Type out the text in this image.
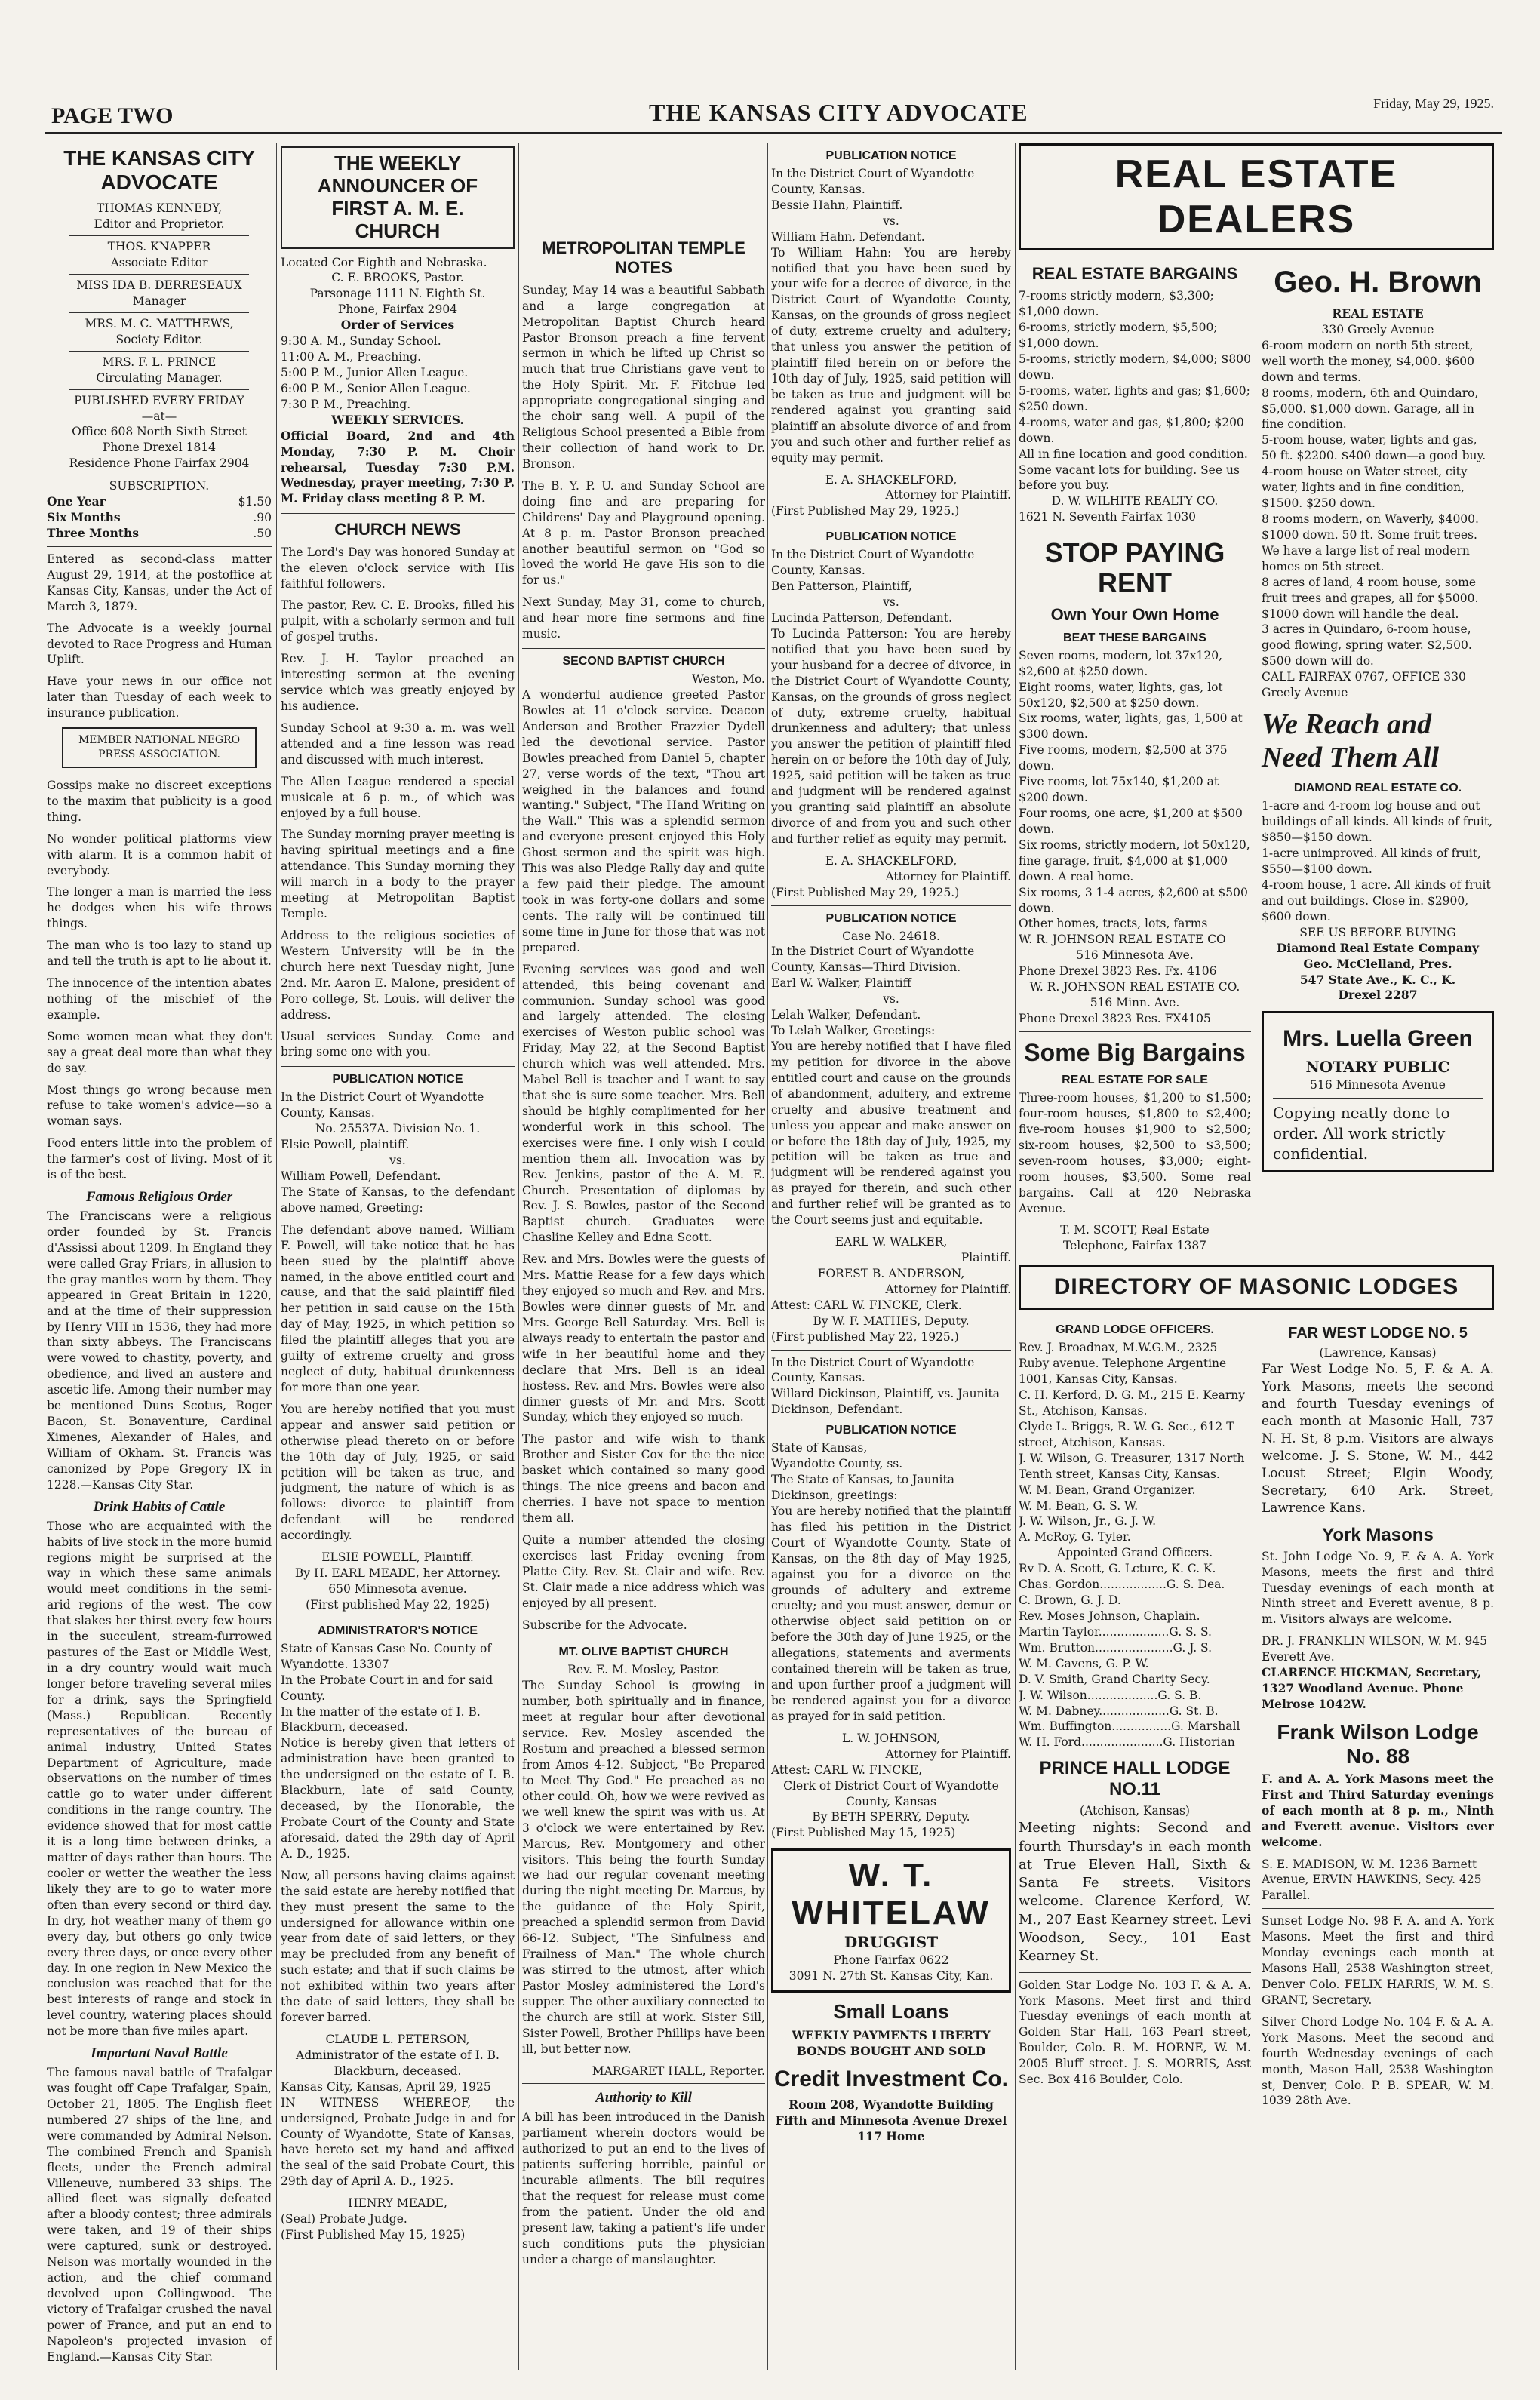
PAGE TWO	THE KANSAS CITY ADVOCATE	Friday, May 29, 1925.
THE KANSAS CITY ADVOCATE
THOMAS KENNEDY,
Editor and Proprietor.
THOS. KNAPPER
Associate Editor
MISS IDA B. DERRESEAUX
Manager
MRS. M. C. MATTHEWS,
Society Editor.
MRS. F. L. PRINCE
Circulating Manager.
PUBLISHED EVERY FRIDAY
—at—
Office 608 North Sixth Street
Phone Drexel 1814
Residence Phone Fairfax 2904
SUBSCRIPTION.
One Year	$1.50
Six Months	.90
Three Months	.50

Entered as second-class matter August 29, 1914, at the postoffice at Kansas City, Kansas, under the Act of March 3, 1879.

The Advocate is a weekly journal devoted to Race Progress and Human Uplift.

Have your news in our office not later than Tuesday of each week to insurance publication.

MEMBER NATIONAL NEGRO PRESS ASSOCIATION.

Gossips make no discreet exceptions to the maxim that publicity is a good thing.

No wonder political platforms view with alarm. It is a common habit of everybody.

The longer a man is married the less he dodges when his wife throws things.

The man who is too lazy to stand up and tell the truth is apt to lie about it.

The innocence of the intention abates nothing of the mischief of the example.

Some women mean what they don't say a great deal more than what they do say.

Most things go wrong because men refuse to take women's advice—so a woman says.

Food enters little into the problem of the farmer's cost of living. Most of it is of the best.

Famous Religious Order

The Franciscans were a religious order founded by St. Francis d'Assissi about 1209. In England they were called Gray Friars, in allusion to the gray mantles worn by them. They appeared in Great Britain in 1220, and at the time of their suppression by Henry VIII in 1536, they had more than sixty abbeys. The Franciscans were vowed to chastity, poverty, and obedience, and lived an austere and ascetic life. Among their number may be mentioned Duns Scotus, Roger Bacon, St. Bonaventure, Cardinal Ximenes, Alexander of Hales, and William of Okham. St. Francis was canonized by Pope Gregory IX in 1228.—Kansas City Star.

Drink Habits of Cattle

Those who are acquainted with the habits of live stock in the more humid regions might be surprised at the way in which these same animals would meet conditions in the semi-arid regions of the west. The cow that slakes her thirst every few hours in the succulent, stream-furrowed pastures of the East or Middle West, in a dry country would wait much longer before traveling several miles for a drink, says the Springfield (Mass.) Republican. Recently representatives of the bureau of animal industry, United States Department of Agriculture, made observations on the number of times cattle go to water under different conditions in the range country. The evidence showed that for most cattle it is a long time between drinks, a matter of days rather than hours. The cooler or wetter the weather the less likely they are to go to water more often than every second or third day. In dry, hot weather many of them go every day, but others go only twice every three days, or once every other day. In one region in New Mexico the conclusion was reached that for the best interests of range and stock in level country, watering places should not be more than five miles apart.

Important Naval Battle

The famous naval battle of Trafalgar was fought off Cape Trafalgar, Spain, October 21, 1805. The English fleet numbered 27 ships of the line, and were commanded by Admiral Nelson. The combined French and Spanish fleets, under the French admiral Villeneuve, numbered 33 ships. The allied fleet was signally defeated after a bloody contest; three admirals were taken, and 19 of their ships were captured, sunk or destroyed. Nelson was mortally wounded in the action, and the chief command devolved upon Collingwood. The victory of Trafalgar crushed the naval power of France, and put an end to Napoleon's projected invasion of England.—Kansas City Star.

THE WEEKLY ANNOUNCER OF FIRST A. M. E. CHURCH
Located Cor Eighth and Nebraska.
C. E. BROOKS, Pastor.
Parsonage 1111 N. Eighth St.
Phone, Fairfax 2904
Order of Services
9:30 A. M., Sunday School.
11:00 A. M., Preaching.
5:00 P. M., Junior Allen League.
6:00 P. M., Senior Allen League.
7:30 P. M., Preaching.
WEEKLY SERVICES.

Official Board, 2nd and 4th Monday, 7:30 P. M. Choir rehearsal, Tuesday 7:30 P.M. Wednesday, prayer meeting, 7:30 P. M. Friday class meeting 8 P. M.

CHURCH NEWS

The Lord's Day was honored Sunday at the eleven o'clock service with His faithful followers.

The pastor, Rev. C. E. Brooks, filled his pulpit, with a scholarly sermon and full of gospel truths.

Rev. J. H. Taylor preached an interesting sermon at the evening service which was greatly enjoyed by his audience.

Sunday School at 9:30 a. m. was well attended and a fine lesson was read and discussed with much interest.

The Allen League rendered a special musicale at 6 p. m., of which was enjoyed by a full house.

The Sunday morning prayer meeting is having spiritual meetings and a fine attendance. This Sunday morning they will march in a body to the prayer meeting at Metropolitan Baptist Temple.

Address to the religious societies of Western University will be in the church here next Tuesday night, June 2nd. Mr. Aaron E. Malone, president of Poro college, St. Louis, will deliver the address.

Usual services Sunday. Come and bring some one with you.

PUBLICATION NOTICE
In the District Court of Wyandotte County, Kansas.
No. 25537A. Division No. 1.
Elsie Powell, plaintiff.
vs.
William Powell, Defendant.

The State of Kansas, to the defendant above named, Greeting:

The defendant above named, William F. Powell, will take notice that he has been sued by the plaintiff above named, in the above entitled court and cause, and that the said plaintiff filed her petition in said cause on the 15th day of May, 1925, in which petition so filed the plaintiff alleges that you are guilty of extreme cruelty and gross neglect of duty, habitual drunkenness for more than one year.

You are hereby notified that you must appear and answer said petition or otherwise plead thereto on or before the 10th day of July, 1925, or said petition will be taken as true, and judgment, the nature of which is as follows: divorce to plaintiff from defendant will be rendered accordingly.

ELSIE POWELL, Plaintiff.
By H. EARL MEADE, her Attorney.
650 Minnesota avenue.
(First published May 22, 1925)
ADMINISTRATOR'S NOTICE
State of Kansas Case No. County of Wyandotte. 13307
In the Probate Court in and for said County.
In the matter of the estate of I. B. Blackburn, deceased.

Notice is hereby given that letters of administration have been granted to the undersigned on the estate of I. B. Blackburn, late of said County, deceased, by the Honorable, the Probate Court of the County and State aforesaid, dated the 29th day of April A. D., 1925.

Now, all persons having claims against the said estate are hereby notified that they must present the same to the undersigned for allowance within one year from date of said letters, or they may be precluded from any benefit of such estate; and that if such claims be not exhibited within two years after the date of said letters, they shall be forever barred.

CLAUDE L. PETERSON,
Administrator of the estate of I. B. Blackburn, deceased.
Kansas City, Kansas, April 29, 1925

IN WITNESS WHEREOF, the undersigned, Probate Judge in and for County of Wyandotte, State of Kansas, have hereto set my hand and affixed the seal of the said Probate Court, this 29th day of April A. D., 1925.

HENRY MEADE,
(Seal) Probate Judge.
(First Published May 15, 1925)
METROPOLITAN TEMPLE NOTES

Sunday, May 14 was a beautiful Sabbath and a large congregation at Metropolitan Baptist Church heard Pastor Bronson preach a fine fervent sermon in which he lifted up Christ so much that true Christians gave vent to the Holy Spirit. Mr. F. Fitchue led appropriate congregational singing and the choir sang well. A pupil of the Religious School presented a Bible from their collection of hand work to Dr. Bronson.

The B. Y. P. U. and Sunday School are doing fine and are preparing for Childrens' Day and Playground opening. At 8 p. m. Pastor Bronson preached another beautiful sermon on "God so loved the world He gave His son to die for us."

Next Sunday, May 31, come to church, and hear more fine sermons and fine music.

SECOND BAPTIST CHURCH
Weston, Mo.

A wonderful audience greeted Pastor Bowles at 11 o'clock service. Deacon Anderson and Brother Frazzier Dydell led the devotional service. Pastor Bowles preached from Daniel 5, chapter 27, verse words of the text, "Thou art weighed in the balances and found wanting." Subject, "The Hand Writing on the Wall." This was a splendid sermon and everyone present enjoyed this Holy Ghost sermon and the spirit was high. This was also Pledge Rally day and quite a few paid their pledge. The amount took in was forty-one dollars and some cents. The rally will be continued till some time in June for those that was not prepared.

Evening services was good and well attended, this being covenant and communion. Sunday school was good and largely attended. The closing exercises of Weston public school was Friday, May 22, at the Second Baptist church which was well attended. Mrs. Mabel Bell is teacher and I want to say that she is sure some teacher. Mrs. Bell should be highly complimented for her wonderful work in this school. The exercises were fine. I only wish I could mention them all. Invocation was by Rev. Jenkins, pastor of the A. M. E. Church. Presentation of diplomas by Rev. J. S. Bowles, pastor of the Second Baptist church. Graduates were Chasline Kelley and Edna Scott.

Rev. and Mrs. Bowles were the guests of Mrs. Mattie Rease for a few days which they enjoyed so much and Rev. and Mrs. Bowles were dinner guests of Mr. and Mrs. George Bell Saturday. Mrs. Bell is always ready to entertain the pastor and wife in her beautiful home and they declare that Mrs. Bell is an ideal hostess. Rev. and Mrs. Bowles were also dinner guests of Mr. and Mrs. Scott Sunday, which they enjoyed so much.

The pastor and wife wish to thank Brother and Sister Cox for the the nice basket which contained so many good things. The nice greens and bacon and cherries. I have not space to mention them all.

Quite a number attended the closing exercises last Friday evening from Platte City. Rev. St. Clair and wife. Rev. St. Clair made a nice address which was enjoyed by all present.

Subscribe for the Advocate.

MT. OLIVE BAPTIST CHURCH
Rev. E. M. Mosley, Pastor.

The Sunday School is growing in number, both spiritually and in finance, meet at regular hour after devotional service. Rev. Mosley ascended the Rostum and preached a blessed sermon from Amos 4-12. Subject, "Be Prepared to Meet Thy God." He preached as no other could. Oh, how we were revived as we well knew the spirit was with us. At 3 o'clock we were entertained by Rev. Marcus, Rev. Montgomery and other visitors. This being the fourth Sunday we had our regular covenant meeting during the night meeting Dr. Marcus, by the guidance of the Holy Spirit, preached a splendid sermon from David 66-12. Subject, "The Sinfulness and Frailness of Man." The whole church was stirred to the utmost, after which Pastor Mosley administered the Lord's supper. The other auxiliary connected to the church are still at work. Sister Sill, Sister Powell, Brother Phillips have been ill, but better now.

MARGARET HALL, Reporter.
Authority to Kill

A bill has been introduced in the Danish parliament wherein doctors would be authorized to put an end to the lives of patients suffering horrible, painful or incurable ailments. The bill requires that the request for release must come from the patient. Under the old and present law, taking a patient's life under such conditions puts the physician under a charge of manslaughter.

PUBLICATION NOTICE
In the District Court of Wyandotte County, Kansas.
Bessie Hahn, Plaintiff.
vs.
William Hahn, Defendant.

To William Hahn: You are hereby notified that you have been sued by your wife for a decree of divorce, in the District Court of Wyandotte County, Kansas, on the grounds of gross neglect of duty, extreme cruelty and adultery; that unless you answer the petition of plaintiff filed herein on or before the 10th day of July, 1925, said petition will be taken as true and judgment will be rendered against you granting said plaintiff an absolute divorce of and from you and such other and further relief as equity may permit.

E. A. SHACKELFORD,
Attorney for Plaintiff.
(First Published May 29, 1925.)
PUBLICATION NOTICE
In the District Court of Wyandotte County, Kansas.
Ben Patterson, Plaintiff,
vs.
Lucinda Patterson, Defendant.

To Lucinda Patterson: You are hereby notified that you have been sued by your husband for a decree of divorce, in the District Court of Wyandotte County, Kansas, on the grounds of gross neglect of duty, extreme cruelty, habitual drunkenness and adultery; that unless you answer the petition of plaintiff filed herein on or before the 10th day of July, 1925, said petition will be taken as true and judgment will be rendered against you granting said plaintiff an absolute divorce of and from you and such other and further relief as equity may permit.

E. A. SHACKELFORD,
Attorney for Plaintiff.
(First Published May 29, 1925.)
PUBLICATION NOTICE
Case No. 24618.
In the District Court of Wyandotte County, Kansas—Third Division.
Earl W. Walker, Plaintiff
vs.
Lelah Walker, Defendant.
To Lelah Walker, Greetings:

You are hereby notified that I have filed my petition for divorce in the above entitled court and cause on the grounds of abandonment, adultery, and extreme cruelty and abusive treatment and unless you appear and make answer on or before the 18th day of July, 1925, my petition will be taken as true and judgment will be rendered against you as prayed for therein, and such other and further relief will be granted as to the Court seems just and equitable.

EARL W. WALKER,
Plaintiff.
FOREST B. ANDERSON,
Attorney for Plaintiff.
Attest: CARL W. FINCKE, Clerk.
By W. F. MATHES, Deputy.
(First published May 22, 1925.)
In the District Court of Wyandotte County, Kansas.
Willard Dickinson, Plaintiff, vs. Jaunita Dickinson, Defendant.
PUBLICATION NOTICE
State of Kansas,
Wyandotte County, ss.
The State of Kansas, to Jaunita Dickinson, greetings:

You are hereby notified that the plaintiff has filed his petition in the District Court of Wyandotte County, State of Kansas, on the 8th day of May 1925, against you for a divorce on the grounds of adultery and extreme cruelty; and you must answer, demur or otherwise object said petition on or before the 30th day of June 1925, or the allegations, statements and averments contained therein will be taken as true, and upon further proof a judgment will be rendered against you for a divorce as prayed for in said petition.

L. W. JOHNSON,
Attorney for Plaintiff.
Attest: CARL W. FINCKE,
Clerk of District Court of Wyandotte County, Kansas
By BETH SPERRY, Deputy.
(First Published May 15, 1925)
W. T. WHITELAW
DRUGGIST
Phone Fairfax 0622
3091 N. 27th St. Kansas City, Kan.
Small Loans
WEEKLY PAYMENTS LIBERTY BONDS BOUGHT AND SOLD
Credit Investment Co.
Room 208, Wyandotte Building Fifth and Minnesota Avenue Drexel 117 Home
REAL ESTATE DEALERS
REAL ESTATE BARGAINS
7-rooms strictly modern, $3,300; $1,000 down.
6-rooms, strictly modern, $5,500; $1,000 down.
5-rooms, strictly modern, $4,000; $800 down.
5-rooms, water, lights and gas; $1,600; $250 down.
4-rooms, water and gas, $1,800; $200 down.
All in fine location and good condition. Some vacant lots for building. See us before you buy.
D. W. WILHITE REALTY CO.
1621 N. Seventh Fairfax 1030
STOP PAYING RENT
Own Your Own Home
BEAT THESE BARGAINS
Seven rooms, modern, lot 37x120, $2,600 at $250 down.
Eight rooms, water, lights, gas, lot 50x120, $2,500 at $250 down.
Six rooms, water, lights, gas, 1,500 at $300 down.
Five rooms, modern, $2,500 at 375 down.
Five rooms, lot 75x140, $1,200 at $200 down.
Four rooms, one acre, $1,200 at $500 down.
Six rooms, strictly modern, lot 50x120, fine garage, fruit, $4,000 at $1,000 down. A real home.
Six rooms, 3 1-4 acres, $2,600 at $500 down.
Other homes, tracts, lots, farms
W. R. JOHNSON REAL ESTATE CO
516 Minnesota Ave.
Phone Drexel 3823 Res. Fx. 4106
W. R. JOHNSON REAL ESTATE CO.
516 Minn. Ave.
Phone Drexel 3823 Res. FX4105
Some Big Bargains
REAL ESTATE FOR SALE

Three-room houses, $1,200 to $1,500; four-room houses, $1,800 to $2,400; five-room houses $1,900 to $2,500; six-room houses, $2,500 to $3,500; seven-room houses, $3,000; eight-room houses, $3,500. Some real bargains. Call at 420 Nebraska Avenue.

T. M. SCOTT, Real Estate
Telephone, Fairfax 1387
Geo. H. Brown
REAL ESTATE
330 Greely Avenue
6-room modern on north 5th street, well worth the money, $4,000. $600 down and terms.
8 rooms, modern, 6th and Quindaro, $5,000. $1,000 down. Garage, all in fine condition.
5-room house, water, lights and gas, 50 ft. $2200. $400 down—a good buy.
4-room house on Water street, city water, lights and in fine condition, $1500. $250 down.
8 rooms modern, on Waverly, $4000. $1000 down. 50 ft. Some fruit trees. We have a large list of real modern homes on 5th street.
8 acres of land, 4 room house, some fruit trees and grapes, all for $5000. $1000 down will handle the deal.
3 acres in Quindaro, 6-room house, good flowing, spring water. $2,500. $500 down will do.
CALL FAIRFAX 0767, OFFICE 330 Greely Avenue
We Reach and Need Them All
DIAMOND REAL ESTATE CO.
1-acre and 4-room log house and out buildings of all kinds. All kinds of fruit, $850—$150 down.
1-acre unimproved. All kinds of fruit, $550—$100 down.
4-room house, 1 acre. All kinds of fruit and out buildings. Close in. $2900, $600 down.
SEE US BEFORE BUYING
Diamond Real Estate Company
Geo. McClelland, Pres.
547 State Ave., K. C., K.
Drexel 2287
Mrs. Luella Green
NOTARY PUBLIC
516 Minnesota Avenue
Copying neatly done to order. All work strictly confidential.
DIRECTORY OF MASONIC LODGES
GRAND LODGE OFFICERS.
Rev. J. Broadnax, M.W.G.M., 2325 Ruby avenue. Telephone Argentine 1001, Kansas City, Kansas.
C. H. Kerford, D. G. M., 215 E. Kearny St., Atchison, Kansas.
Clyde L. Briggs, R. W. G. Sec., 612 T street, Atchison, Kansas.
J. W. Wilson, G. Treasurer, 1317 North Tenth street, Kansas City, Kansas.
W. M. Bean, Grand Organizer.
W. M. Bean, G. S. W.
J. W. Wilson, Jr., G. J. W.
A. McRoy, G. Tyler.
Appointed Grand Officers.
Rv D. A. Scott, G. Lcture, K. C. K.
Chas. Gordon..................G. S. Dea.
C. Brown, G. J. D.
Rev. Moses Johnson, Chaplain.
Martin Taylor...................G. S. S.
Wm. Brutton.....................G. J. S.
W. M. Cavens, G. P. W.
D. V. Smith, Grand Charity Secy.
J. W. Wilson...................G. S. B.
W. M. Dabney...................G. St. B.
Wm. Buffington................G. Marshall
W. H. Ford......................G. Historian
PRINCE HALL LODGE NO.11
(Atchison, Kansas)

Meeting nights: Second and fourth Thursday's in each month at True Eleven Hall, Sixth & Santa Fe streets. Visitors welcome. Clarence Kerford, W. M., 207 East Kearney street. Levi Woodson, Secy., 101 East Kearney St.

Golden Star Lodge No. 103 F. & A. A. York Masons. Meet first and third Tuesday evenings of each month at Golden Star Hall, 163 Pearl street, Boulder, Colo. R. M. HORNE, W. M. 2005 Bluff street. J. S. MORRIS, Asst Sec. Box 416 Boulder, Colo.

FAR WEST LODGE NO. 5
(Lawrence, Kansas)

Far West Lodge No. 5, F. & A. A. York Masons, meets the second and fourth Tuesday evenings of each month at Masonic Hall, 737 N. H. St, 8 p.m. Visitors are always welcome. J. S. Stone, W. M., 442 Locust Street; Elgin Woody, Secretary, 640 Ark. Street, Lawrence Kans.

York Masons

St. John Lodge No. 9, F. & A. A. York Masons, meets the first and third Tuesday evenings of each month at Ninth street and Everett avenue, 8 p. m. Visitors always are welcome.

DR. J. FRANKLIN WILSON, W. M. 945 Everett Ave.
CLARENCE HICKMAN, Secretary, 1327 Woodland Avenue. Phone Melrose 1042W.
Frank Wilson Lodge No. 88

F. and A. A. York Masons meet the First and Third Saturday evenings of each month at 8 p. m., Ninth and Everett avenue. Visitors ever welcome.

S. E. MADISON, W. M. 1236 Barnett Avenue, ERVIN HAWKINS, Secy. 425 Parallel.

Sunset Lodge No. 98 F. A. and A. York Masons. Meet the first and third Monday evenings each month at Masons Hall, 2538 Washington street, Denver Colo. FELIX HARRIS, W. M. S. GRANT, Secretary.

Silver Chord Lodge No. 104 F. & A. A. York Masons. Meet the second and fourth Wednesday evenings of each month, Mason Hall, 2538 Washington st, Denver, Colo. P. B. SPEAR, W. M. 1039 28th Ave.
